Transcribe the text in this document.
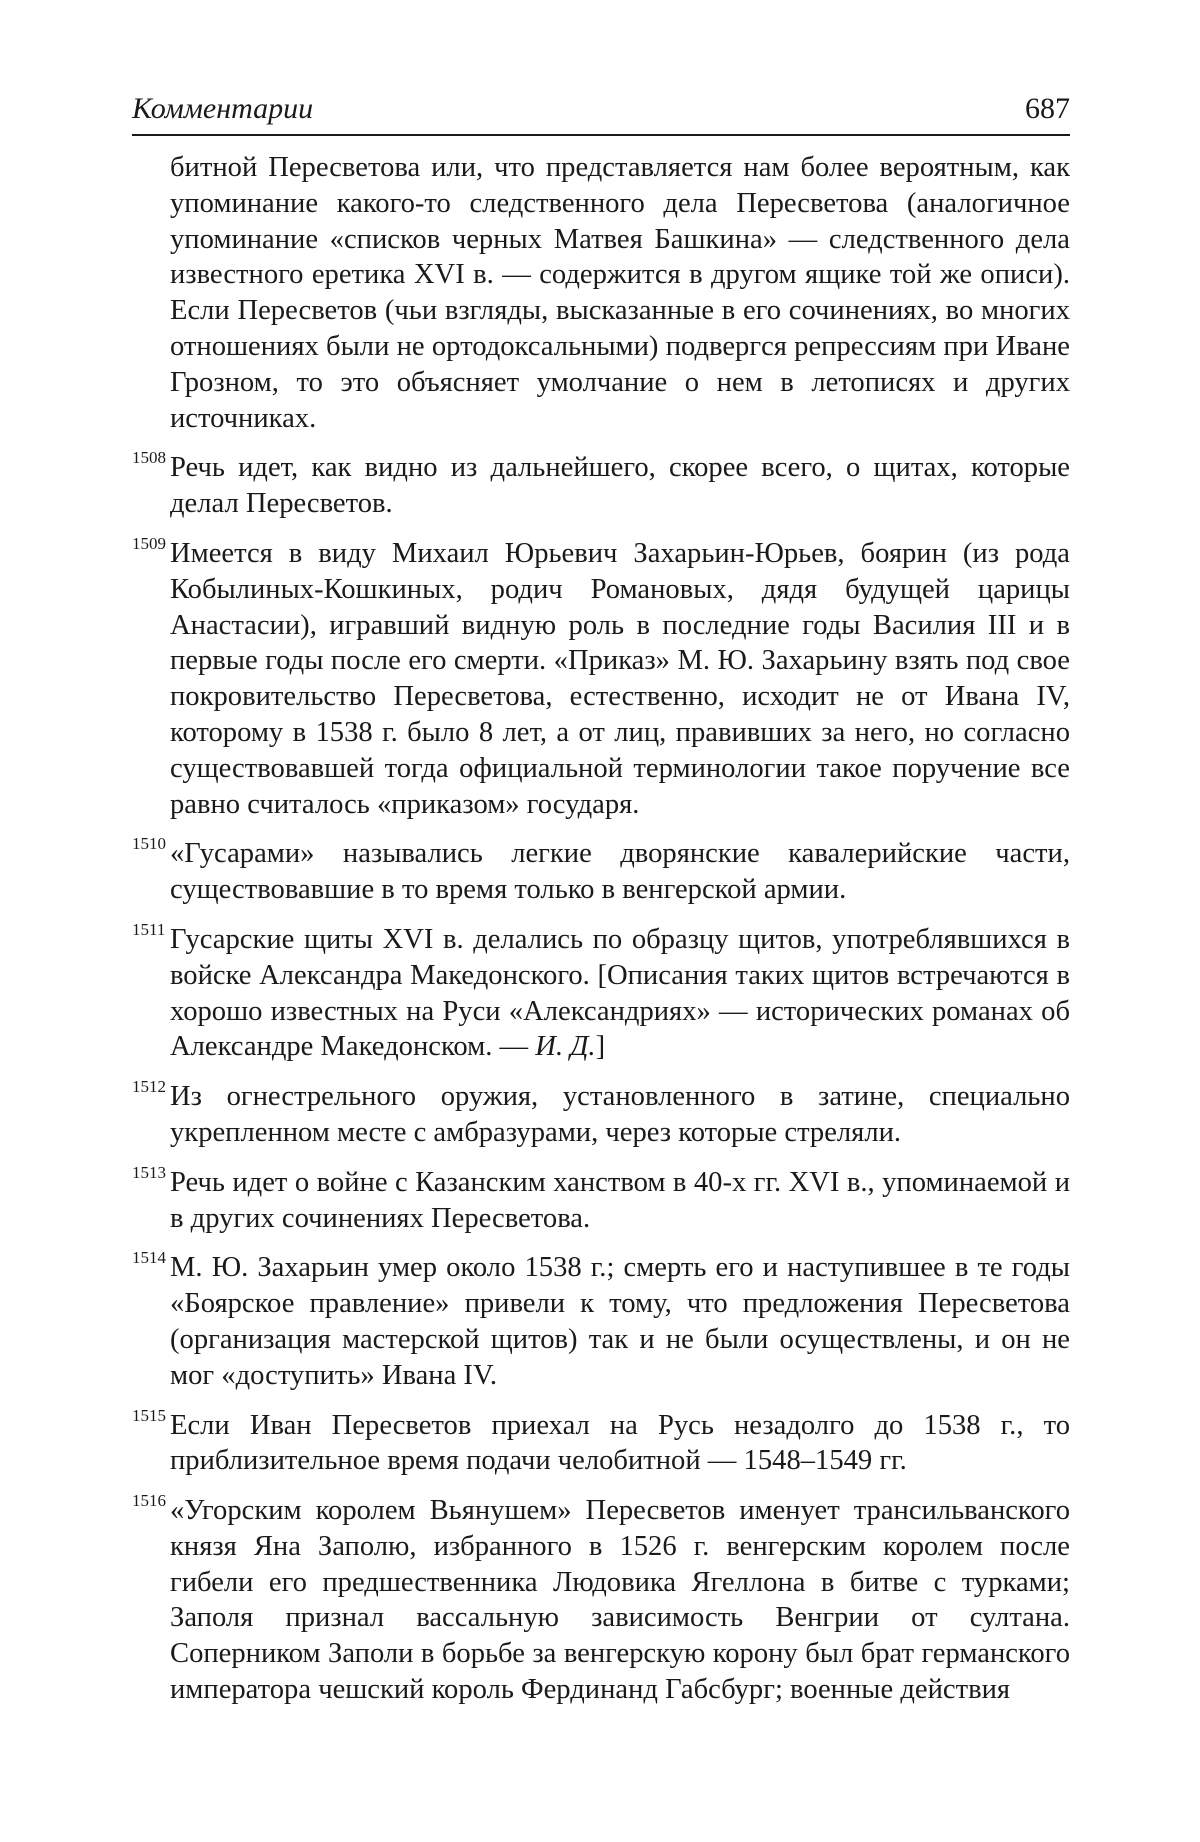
Комментарии	687
битной Пересветова или, что представляется нам более вероятным, как упоминание какого-то следственного дела Пересветова (аналогичное упоминание «списков черных Матвея Башкина» — следственного дела известного еретика XVI в. — содержится в другом ящике той же описи). Если Пересветов (чьи взгляды, высказанные в его сочинениях, во многих отношениях были не ортодоксальными) подвергся репрессиям при Иване Грозном, то это объясняет умолчание о нем в летописях и других источниках.
1508 Речь идет, как видно из дальнейшего, скорее всего, о щитах, которые делал Пересветов.
1509 Имеется в виду Михаил Юрьевич Захарьин-Юрьев, боярин (из рода Кобылиных-Кошкиных, родич Романовых, дядя будущей царицы Анастасии), игравший видную роль в последние годы Василия III и в первые годы после его смерти. «Приказ» М. Ю. Захарьину взять под свое покровительство Пересветова, естественно, исходит не от Ивана IV, которому в 1538 г. было 8 лет, а от лиц, правивших за него, но согласно существовавшей тогда официальной терминологии такое поручение все равно считалось «приказом» государя.
1510 «Гусарами» назывались легкие дворянские кавалерийские части, существовавшие в то время только в венгерской армии.
1511 Гусарские щиты XVI в. делались по образцу щитов, употреблявшихся в войске Александра Македонского. [Описания таких щитов встречаются в хорошо известных на Руси «Александриях» — исторических романах об Александре Македонском. — И. Д.]
1512 Из огнестрельного оружия, установленного в затине, специально укрепленном месте с амбразурами, через которые стреляли.
1513 Речь идет о войне с Казанским ханством в 40-х гг. XVI в., упоминаемой и в других сочинениях Пересветова.
1514 М. Ю. Захарьин умер около 1538 г.; смерть его и наступившее в те годы «Боярское правление» привели к тому, что предложения Пересветова (организация мастерской щитов) так и не были осуществлены, и он не мог «доступить» Ивана IV.
1515 Если Иван Пересветов приехал на Русь незадолго до 1538 г., то приблизительное время подачи челобитной — 1548–1549 гг.
1516 «Угорским королем Вьянушем» Пересветов именует трансильванского князя Яна Заполю, избранного в 1526 г. венгерским королем после гибели его предшественника Людовика Ягеллона в битве с турками; Заполя признал вассальную зависимость Венгрии от султана. Соперником Заполи в борьбе за венгерскую корону был брат германского императора чешский король Фердинанд Габсбург; военные действия
